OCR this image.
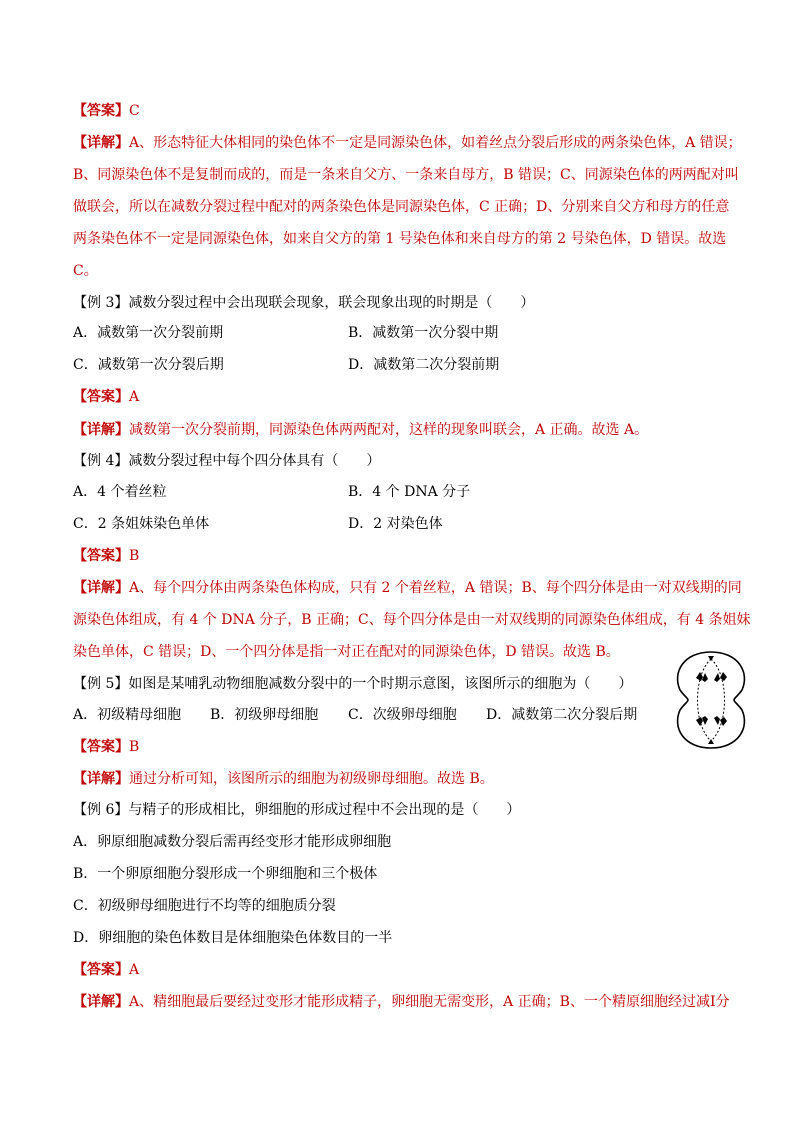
【答案】C
【详解】A、形态特征大体相同的染色体不一定是同源染色体，如着丝点分裂后形成的两条染色体，A 错误；
B、同源染色体不是复制而成的，而是一条来自父方、一条来自母方，B 错误；C、同源染色体的两两配对叫
做联会，所以在减数分裂过程中配对的两条染色体是同源染色体，C 正确；D、分别来自父方和母方的任意
两条染色体不一定是同源染色体，如来自父方的第 1 号染色体和来自母方的第 2 号染色体，D 错误。故选
C。
【例 3】减数分裂过程中会出现联会现象，联会现象出现的时期是（　　）
A．减数第一次分裂前期	B．减数第一次分裂中期
C．减数第一次分裂后期	D．减数第二次分裂前期
【答案】A
【详解】减数第一次分裂前期，同源染色体两两配对，这样的现象叫联会，A 正确。故选 A。
【例 4】减数分裂过程中每个四分体具有（　　）
A．4 个着丝粒	B．4 个 DNA 分子
C．2 条姐妹染色单体	D．2 对染色体
【答案】B
【详解】A、每个四分体由两条染色体构成，只有 2 个着丝粒，A 错误；B、每个四分体是由一对双线期的同
源染色体组成，有 4 个 DNA 分子，B 正确；C、每个四分体是由一对双线期的同源染色体组成，有 4 条姐妹
染色单体，C 错误；D、一个四分体是指一对正在配对的同源染色体，D 错误。故选 B。
【例 5】如图是某哺乳动物细胞减数分裂中的一个时期示意图，该图所示的细胞为（　　）
A．初级精母细胞 B．初级卵母细胞 C．次级卵母细胞 D．减数第二次分裂后期
【答案】B
【详解】通过分析可知，该图所示的细胞为初级卵母细胞。故选 B。
【例 6】与精子的形成相比，卵细胞的形成过程中不会出现的是（　　）
A．卵原细胞减数分裂后需再经变形才能形成卵细胞
B．一个卵原细胞分裂形成一个卵细胞和三个极体
C．初级卵母细胞进行不均等的细胞质分裂
D．卵细胞的染色体数目是体细胞染色体数目的一半
【答案】A
【详解】A、精细胞最后要经过变形才能形成精子，卵细胞无需变形，A 正确；B、一个精原细胞经过减Ⅰ分
